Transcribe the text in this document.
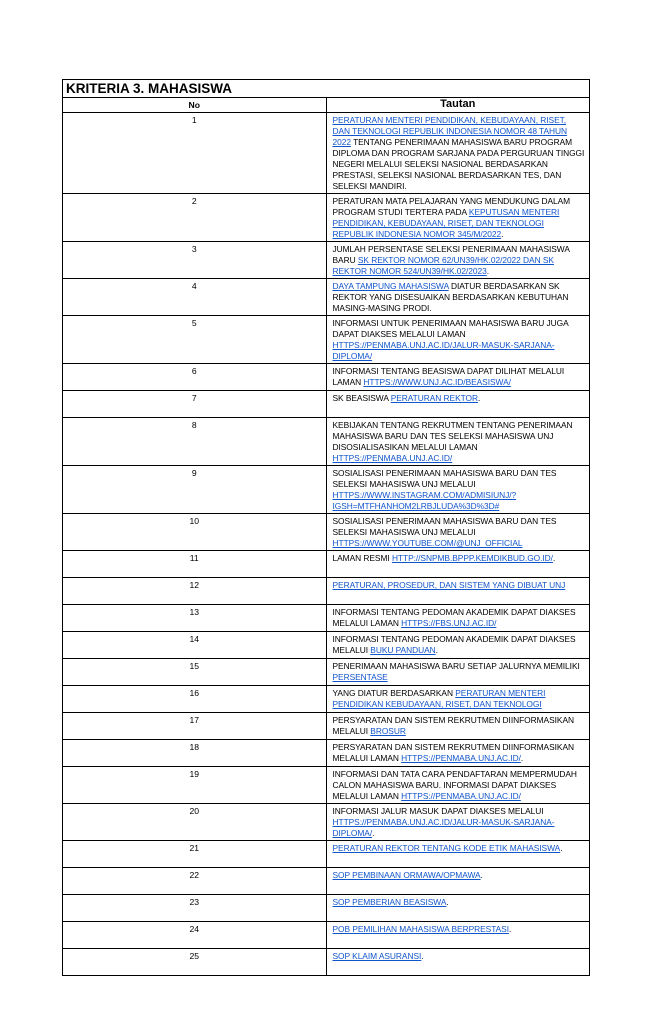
KRITERIA 3. MAHASISWA	
No	Tautan
1	PERATURAN MENTERI PENDIDIKAN, KEBUDAYAAN, RISET, DAN TEKNOLOGI REPUBLIK INDONESIA NOMOR 48 TAHUN 2022 TENTANG PENERIMAAN MAHASISWA BARU PROGRAM DIPLOMA DAN PROGRAM SARJANA PADA PERGURUAN TINGGI NEGERI MELALUI SELEKSI NASIONAL BERDASARKAN PRESTASI, SELEKSI NASIONAL BERDASARKAN TES, DAN SELEKSI MANDIRI.
2	PERATURAN MATA PELAJARAN YANG MENDUKUNG DALAM PROGRAM STUDI TERTERA PADA KEPUTUSAN MENTERI PENDIDIKAN, KEBUDAYAAN, RISET, DAN TEKNOLOGI REPUBLIK INDONESIA NOMOR 345/M/2022.
3	JUMLAH PERSENTASE SELEKSI PENERIMAAN MAHASISWA BARU SK REKTOR NOMOR 62/UN39/HK.02/2022 DAN SK REKTOR NOMOR 524/UN39/HK.02/2023.
4	DAYA TAMPUNG MAHASISWA DIATUR BERDASARKAN SK REKTOR YANG DISESUAIKAN BERDASARKAN KEBUTUHAN MASING-MASING PRODI.
5	INFORMASI UNTUK PENERIMAAN MAHASISWA BARU JUGA DAPAT DIAKSES MELALUI LAMAN HTTPS://PENMABA.UNJ.AC.ID/JALUR-MASUK-SARJANA-DIPLOMA/
6	INFORMASI TENTANG BEASISWA DAPAT DILIHAT MELALUI LAMAN HTTPS://WWW.UNJ.AC.ID/BEASISWA/
7	SK BEASISWA PERATURAN REKTOR.
8	KEBIJAKAN TENTANG REKRUTMEN TENTANG PENERIMAAN MAHASISWA BARU DAN TES SELEKSI MAHASISWA UNJ DISOSIALISASIKAN MELALUI LAMAN HTTPS://PENMABA.UNJ.AC.ID/
9	SOSIALISASI PENERIMAAN MAHASISWA BARU DAN TES SELEKSI MAHASISWA UNJ MELALUI HTTPS://WWW.INSTAGRAM.COM/ADMISIUNJ/?IGSH=MTFHANHOM2LRBJLUDA%3D%3D#
10	SOSIALISASI PENERIMAAN MAHASISWA BARU DAN TES SELEKSI MAHASISWA UNJ MELALUI HTTPS://WWW.YOUTUBE.COM/@UNJ_OFFICIAL
11	LAMAN RESMI HTTP://SNPMB.BPPP.KEMDIKBUD.GO.ID/.
12	PERATURAN, PROSEDUR, DAN SISTEM YANG DIBUAT UNJ
13	INFORMASI TENTANG PEDOMAN AKADEMIK DAPAT DIAKSES MELALUI LAMAN HTTPS://FBS.UNJ.AC.ID/
14	INFORMASI TENTANG PEDOMAN AKADEMIK DAPAT DIAKSES MELALUI BUKU PANDUAN.
15	PENERIMAAN MAHASISWA BARU SETIAP JALURNYA MEMILIKI PERSENTASE
16	YANG DIATUR BERDASARKAN PERATURAN MENTERI PENDIDIKAN KEBUDAYAAN, RISET, DAN TEKNOLOGI
17	PERSYARATAN DAN SISTEM REKRUTMEN DIINFORMASIKAN MELALUI BROSUR
18	PERSYARATAN DAN SISTEM REKRUTMEN DIINFORMASIKAN MELALUI LAMAN HTTPS://PENMABA.UNJ.AC.ID/.
19	INFORMASI DAN TATA CARA PENDAFTARAN MEMPERMUDAH CALON MAHASISWA BARU. INFORMASI DAPAT DIAKSES MELALUI LAMAN HTTPS://PENMABA.UNJ.AC.ID/
20	INFORMASI JALUR MASUK DAPAT DIAKSES MELALUI HTTPS://PENMABA.UNJ.AC.ID/JALUR-MASUK-SARJANA-DIPLOMA/.
21	PERATURAN REKTOR TENTANG KODE ETIK MAHASISWA.
22	SOP PEMBINAAN ORMAWA/OPMAWA.
23	SOP PEMBERIAN BEASISWA.
24	POB PEMILIHAN MAHASISWA BERPRESTASI.
25	SOP KLAIM ASURANSI.
